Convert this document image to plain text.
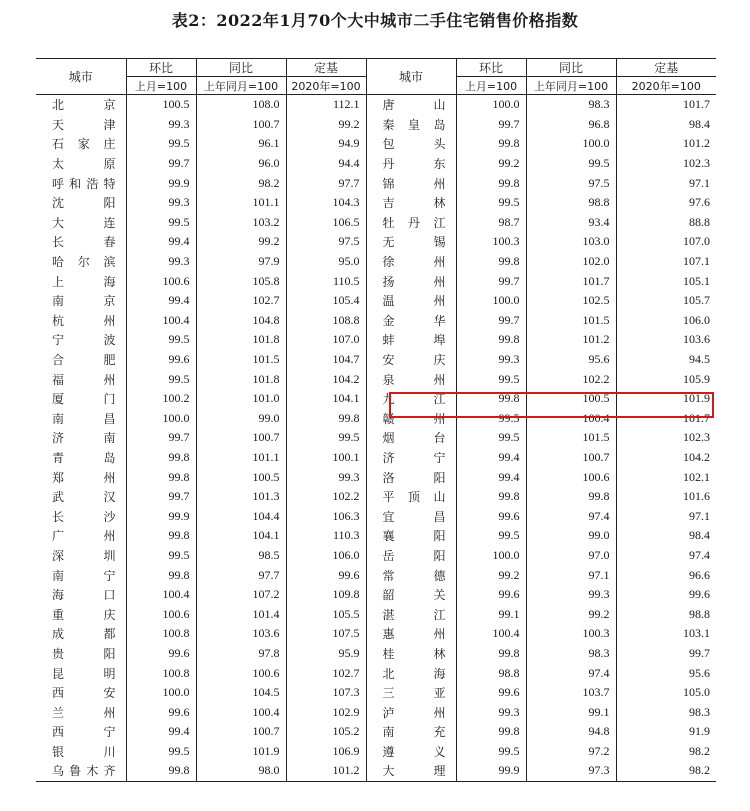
表2：2022年1月70个大中城市二手住宅销售价格指数
城市	环比	同比	定基	城市	环比	同比	定基
	上月=100	上年同月=100	2020年=100		上月=100	上年同月=100	2020年=100
北京	100.5	108.0	112.1	唐山	100.0	98.3	101.7
天津	99.3	100.7	99.2	秦皇岛	99.7	96.8	98.4
石家庄	99.5	96.1	94.9	包头	99.8	100.0	101.2
太原	99.7	96.0	94.4	丹东	99.2	99.5	102.3
呼和浩特	99.9	98.2	97.7	锦州	99.8	97.5	97.1
沈阳	99.3	101.1	104.3	吉林	99.5	98.8	97.6
大连	99.5	103.2	106.5	牡丹江	98.7	93.4	88.8
长春	99.4	99.2	97.5	无锡	100.3	103.0	107.0
哈尔滨	99.3	97.9	95.0	徐州	99.8	102.0	107.1
上海	100.6	105.8	110.5	扬州	99.7	101.7	105.1
南京	99.4	102.7	105.4	温州	100.0	102.5	105.7
杭州	100.4	104.8	108.8	金华	99.7	101.5	106.0
宁波	99.5	101.8	107.0	蚌埠	99.8	101.2	103.6
合肥	99.6	101.5	104.7	安庆	99.3	95.6	94.5
福州	99.5	101.8	104.2	泉州	99.5	102.2	105.9
厦门	100.2	101.0	104.1	九江	99.8	100.5	101.9
南昌	100.0	99.0	99.8	赣州	99.5	100.4	101.7
济南	99.7	100.7	99.5	烟台	99.5	101.5	102.3
青岛	99.8	101.1	100.1	济宁	99.4	100.7	104.2
郑州	99.8	100.5	99.3	洛阳	99.4	100.6	102.1
武汉	99.7	101.3	102.2	平顶山	99.8	99.8	101.6
长沙	99.9	104.4	106.3	宜昌	99.6	97.4	97.1
广州	99.8	104.1	110.3	襄阳	99.5	99.0	98.4
深圳	99.5	98.5	106.0	岳阳	100.0	97.0	97.4
南宁	99.8	97.7	99.6	常德	99.2	97.1	96.6
海口	100.4	107.2	109.8	韶关	99.6	99.3	99.6
重庆	100.6	101.4	105.5	湛江	99.1	99.2	98.8
成都	100.8	103.6	107.5	惠州	100.4	100.3	103.1
贵阳	99.6	97.8	95.9	桂林	99.8	98.3	99.7
昆明	100.8	100.6	102.7	北海	98.8	97.4	95.6
西安	100.0	104.5	107.3	三亚	99.6	103.7	105.0
兰州	99.6	100.4	102.9	泸州	99.3	99.1	98.3
西宁	99.4	100.7	105.2	南充	99.8	94.8	91.9
银川	99.5	101.9	106.9	遵义	99.5	97.2	98.2
乌鲁木齐	99.8	98.0	101.2	大理	99.9	97.3	98.2
